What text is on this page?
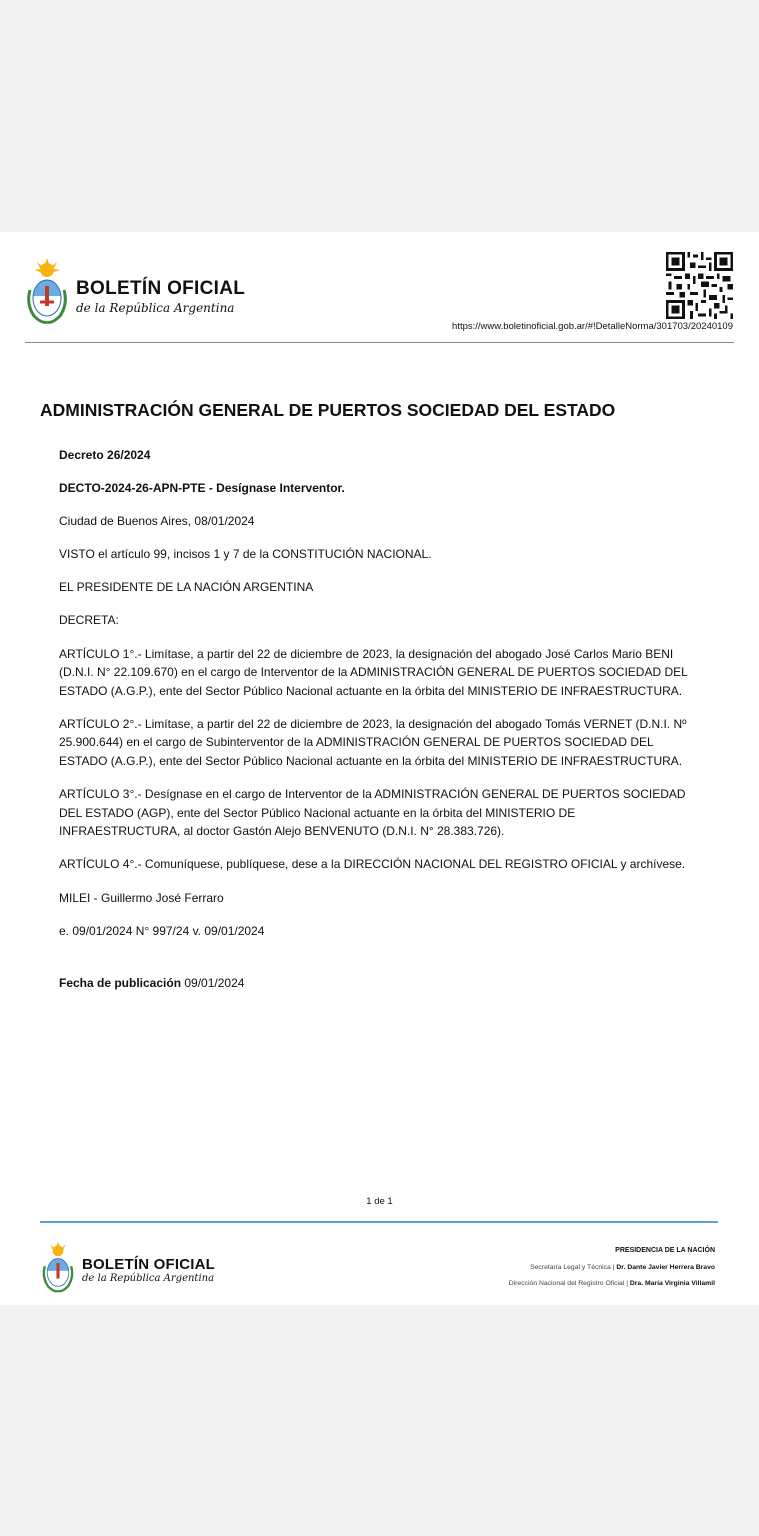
BOLETÍN OFICIAL
de la República Argentina
https://www.boletinoficial.gob.ar/#!DetalleNorma/301703/20240109
ADMINISTRACIÓN GENERAL DE PUERTOS SOCIEDAD DEL ESTADO

Decreto 26/2024

DECTO-2024-26-APN-PTE - Desígnase Interventor.

Ciudad de Buenos Aires, 08/01/2024

VISTO el artículo 99, incisos 1 y 7 de la CONSTITUCIÓN NACIONAL.

EL PRESIDENTE DE LA NACIÓN ARGENTINA

DECRETA:

ARTÍCULO 1°.- Limítase, a partir del 22 de diciembre de 2023, la designación del abogado José Carlos Mario BENI (D.N.I. N° 22.109.670) en el cargo de Interventor de la ADMINISTRACIÓN GENERAL DE PUERTOS SOCIEDAD DEL ESTADO (A.G.P.), ente del Sector Público Nacional actuante en la órbita del MINISTERIO DE INFRAESTRUCTURA.

ARTÍCULO 2°.- Limítase, a partir del 22 de diciembre de 2023, la designación del abogado Tomás VERNET (D.N.I. Nº 25.900.644) en el cargo de Subinterventor de la ADMINISTRACIÓN GENERAL DE PUERTOS SOCIEDAD DEL ESTADO (A.G.P.), ente del Sector Público Nacional actuante en la órbita del MINISTERIO DE INFRAESTRUCTURA.

ARTÍCULO 3°.- Desígnase en el cargo de Interventor de la ADMINISTRACIÓN GENERAL DE PUERTOS SOCIEDAD DEL ESTADO (AGP), ente del Sector Público Nacional actuante en la órbita del MINISTERIO DE INFRAESTRUCTURA, al doctor Gastón Alejo BENVENUTO (D.N.I. N° 28.383.726).

ARTÍCULO 4°.- Comuníquese, publíquese, dese a la DIRECCIÓN NACIONAL DEL REGISTRO OFICIAL y archívese.

MILEI - Guillermo José Ferraro

e. 09/01/2024 N° 997/24 v. 09/01/2024

Fecha de publicación 09/01/2024

1 de 1
BOLETÍN OFICIAL
de la República Argentina
PRESIDENCIA DE LA NACIÓN
Secretaría Legal y Técnica | Dr. Dante Javier Herrera Bravo
Dirección Nacional del Registro Oficial | Dra. María Virginia Villamil
